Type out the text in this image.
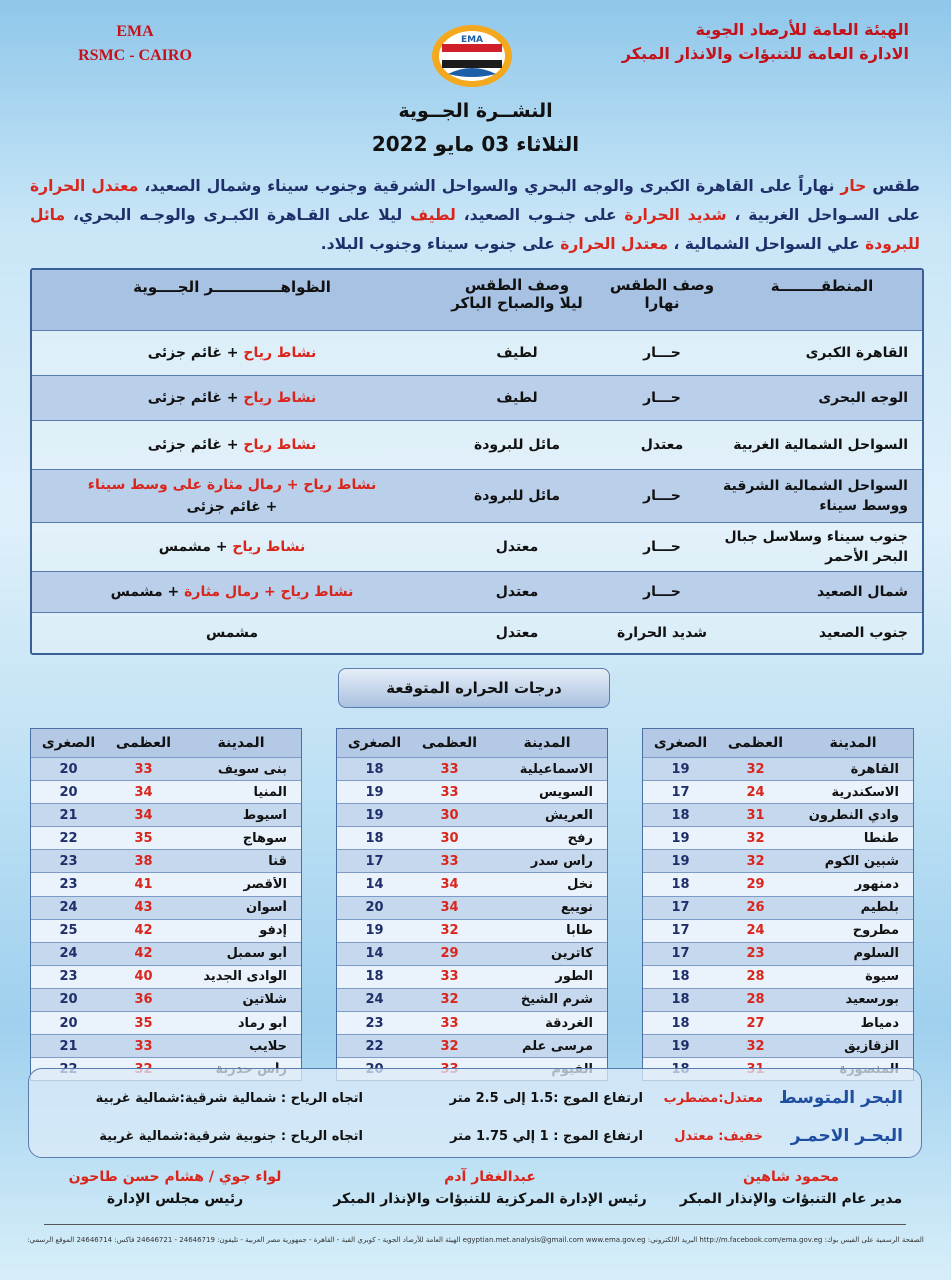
EMA
RSMC - CAIRO
EMA
الهيئة العامة للأرصاد الجوية
الادارة العامة للتنبؤات والانذار المبكر
النشــرة الجــوية
الثلاثاء 03 مايو 2022
طقس حار نهاراً على القاهرة الكبرى والوجه البحري والسواحل الشرقية وجنوب سيناء وشمال الصعيد، معتدل الحرارة على السـواحل الغربية ، شديد الحرارة على جنـوب الصعيد، لطيف ليلا على القـاهرة الكبـرى والوجـه البحري، مائل للبرودة علي السواحل الشمالية ، معتدل الحرارة على جنوب سيناء وجنوب البلاد.
المنطقــــــــة
وصف الطقس
نهارا
وصف الطقس
ليلا والصباح الباكر
الظواهـــــــــــــر الجــــوية
القاهرة الكبرى
حـــار
لطيف
نشاط رياح + غائم جزئى
الوجه البحرى
حـــار
لطيف
نشاط رياح + غائم جزئى
السواحل الشمالية الغربية
معتدل
مائل للبرودة
نشاط رياح + غائم جزئى
السواحل الشمالية الشرقية ووسط سيناء
حـــار
مائل للبرودة
نشاط رياح + رمال مثارة على وسط سيناء
+ غائم جزئى
جنوب سيناء وسلاسل جبال البحر الأحمر
حـــار
معتدل
نشاط رياح + مشمس
شمال الصعيد
حـــار
معتدل
نشاط رياح + رمال مثارة + مشمس
جنوب الصعيد
شديد الحرارة
معتدل
مشمس
درجات الحراره المتوقعة
المدينة
العظمى
الصغرى
القاهرة
32
19
الاسكندرية
24
17
وادي النطرون
31
18
طنطا
32
19
شبين الكوم
32
19
دمنهور
29
18
بلطيم
26
17
مطروح
24
17
السلوم
23
17
سيوة
28
18
بورسعيد
28
18
دمياط
27
18
الزقازيق
32
19
المدينة
العظمى
الصغرى
الاسماعيلية
33
18
السويس
33
19
العريش
30
19
رفح
30
18
رأس سدر
33
17
نخل
34
14
نويبع
34
20
طابا
32
19
كاترين
29
14
الطور
33
18
شرم الشيخ
32
24
الغردقة
33
23
مرسى علم
32
22
المدينة
العظمى
الصغرى
بنى سويف
33
20
المنيا
34
20
اسيوط
34
21
سوهاج
35
22
قنا
38
23
الأقصر
41
23
أسوان
43
24
إدفو
42
25
أبو سمبل
42
24
الوادى الجديد
40
23
شلاتين
36
20
أبو رماد
35
20
حلايب
33
21
البحر المتوسط
معتدل:مضطرب
ارتفاع الموج :1.5 إلى 2.5 متر
اتجاه الرياح : شمالية شرقية:شمالية غربية
البحـر الاحمـر
خفيف: معتدل
ارتفاع الموج : 1 إلي 1.75 متر
اتجاه الرياح : جنوبية شرقية:شمالية غربية
محمود شاهين
مدير عام التنبؤات والإنذار المبكر
عبدالغفار آدم
رئيس الإدارة المركزية للتنبؤات والإنذار المبكر
لواء جوي / هشام حسن طاحون
رئيس مجلس الإدارة
الصفحة الرسمية على الفيس بوك: http://m.facebook.com/ema.gov.eg البريد الالكتروني: egyptian.met.analysis@gmail.com www.ema.gov.eg الهيئة العامة للأرصاد الجوية - كوبري القبة - القاهرة - جمهورية مصر العربية - تليفون: 24646719 - 24646721 فاكس: 24646714 الموقع الرسمي:
